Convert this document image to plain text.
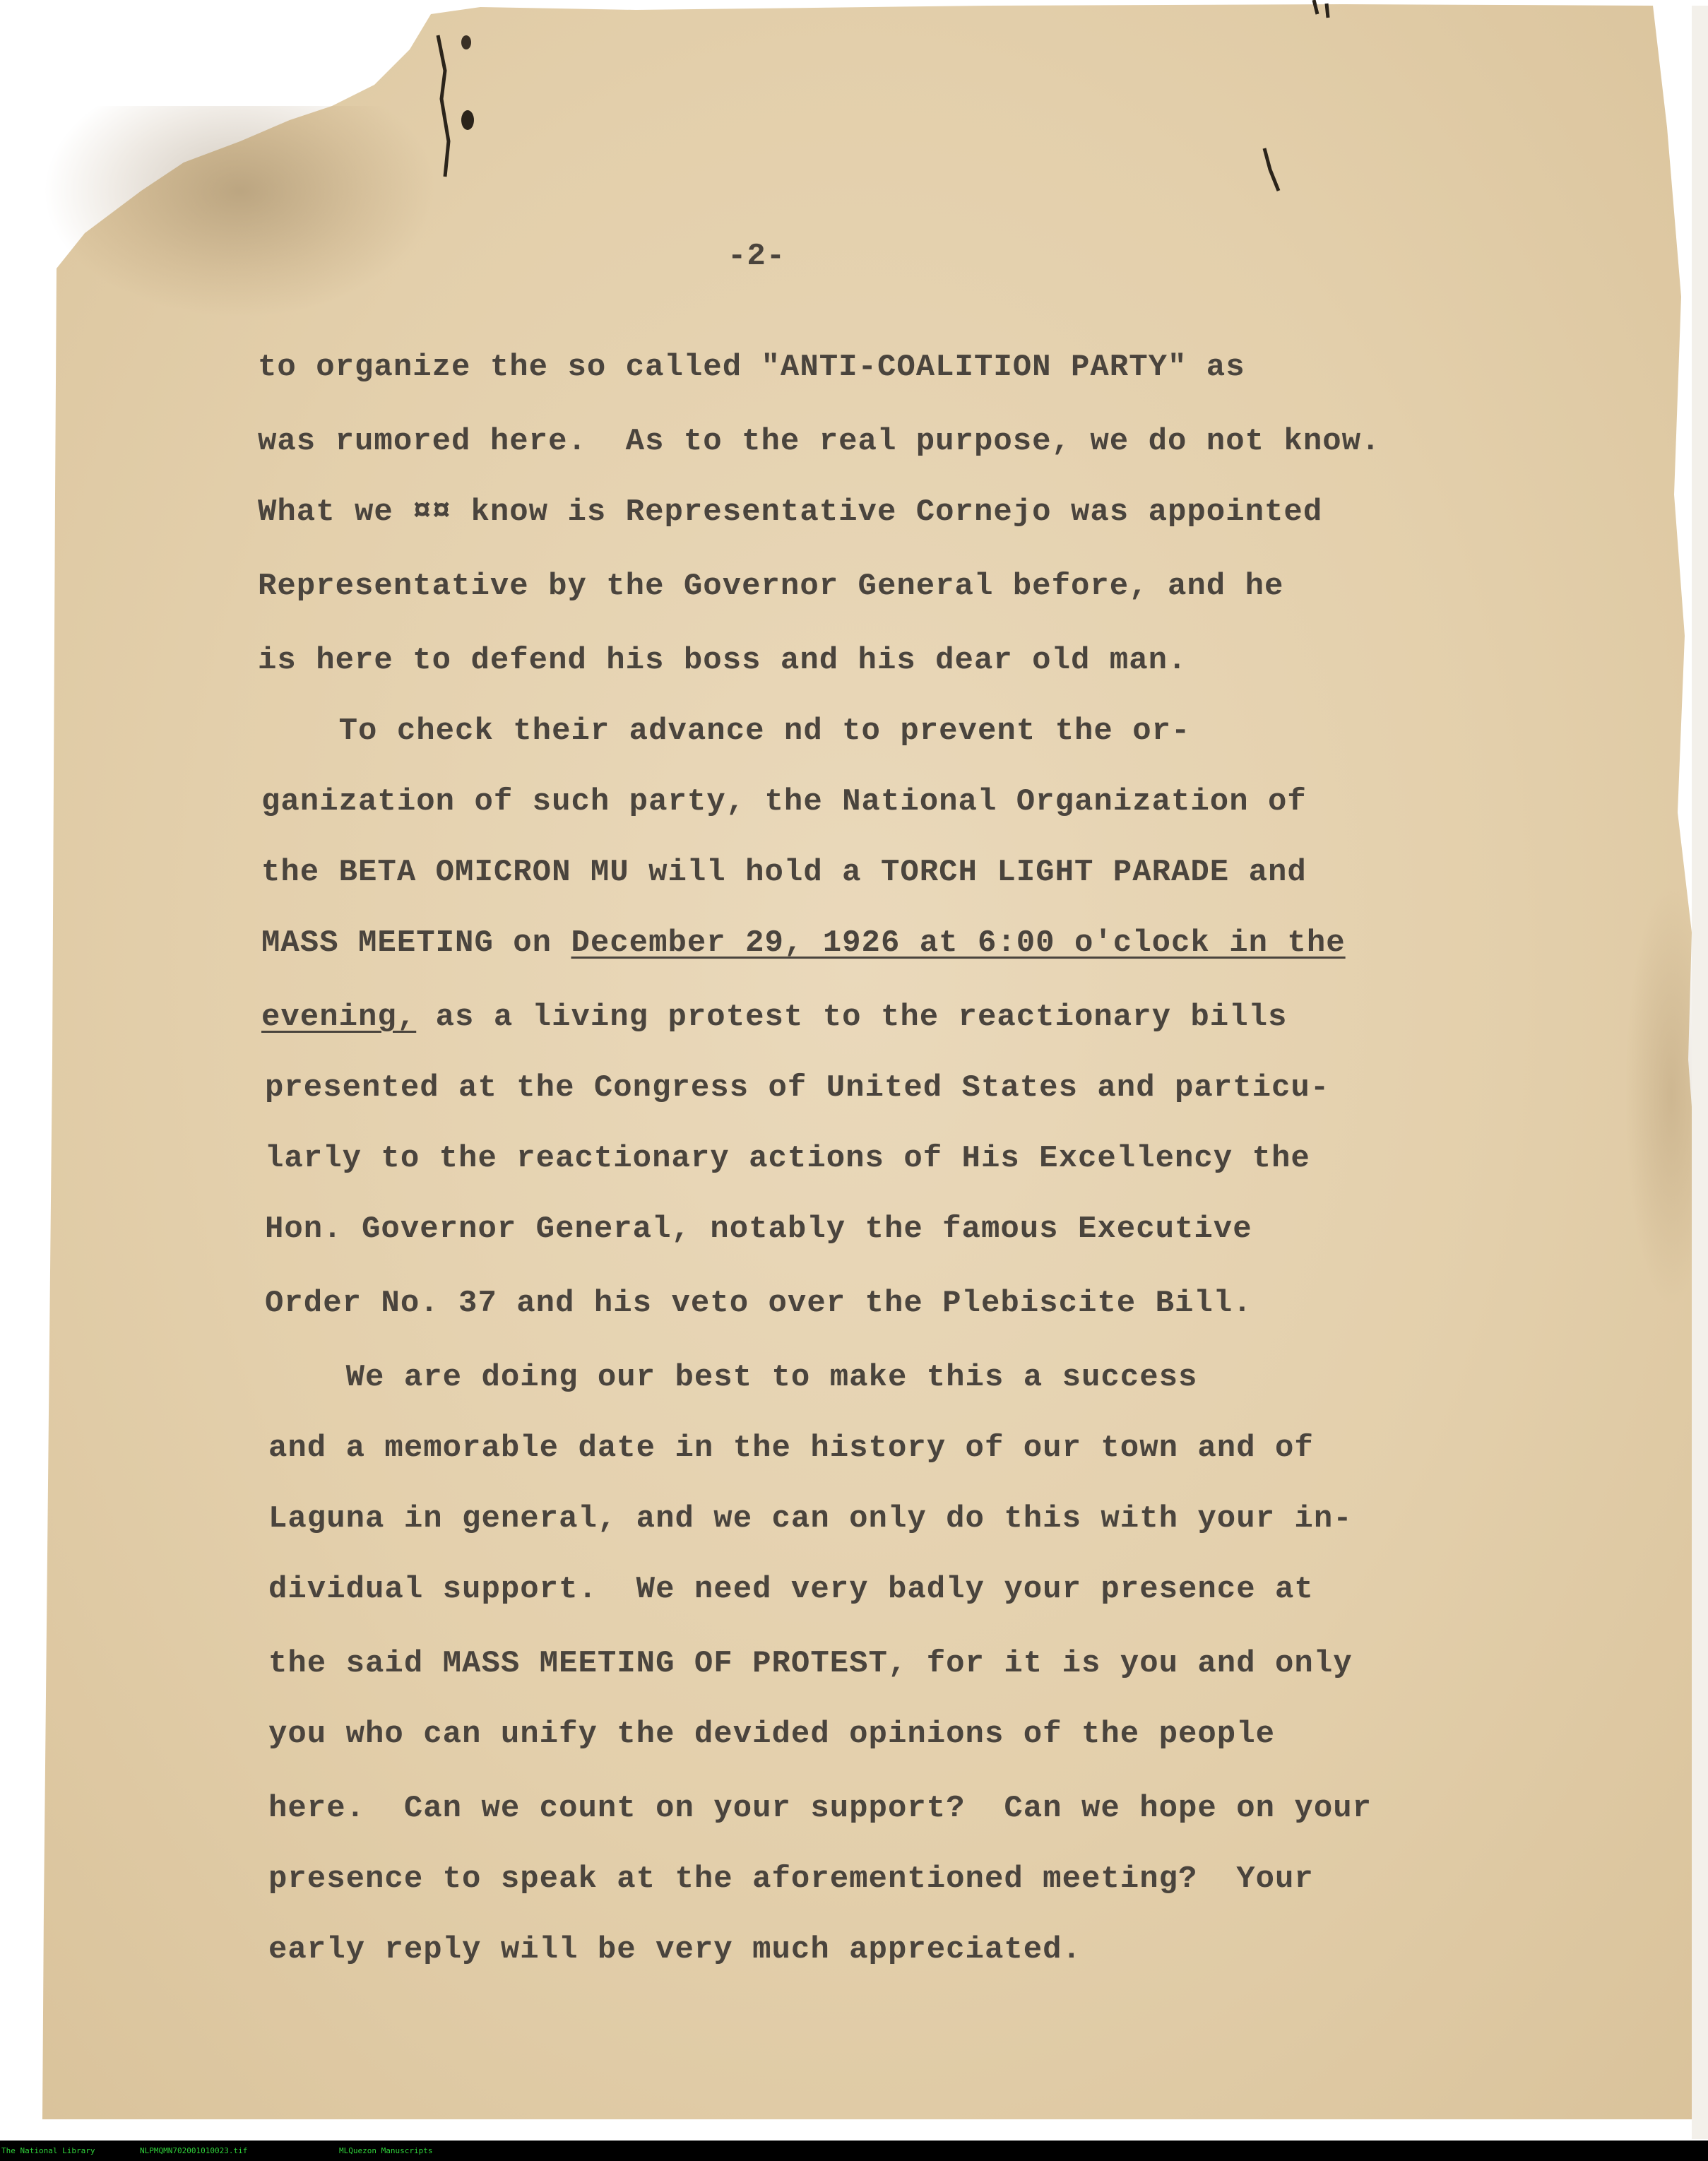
-2-
to organize the so called "ANTI-COALITION PARTY" as
was rumored here.  As to the real purpose, we do not know.
What we ¤¤ know is Representative Cornejo was appointed
Representative by the Governor General before, and he
is here to defend his boss and his dear old man.
To check their advance nd to prevent the or-
ganization of such party, the National Organization of
the BETA OMICRON MU will hold a TORCH LIGHT PARADE and
MASS MEETING on December 29, 1926 at 6:00 o'clock in the
evening, as a living protest to the reactionary bills
presented at the Congress of United States and particu-
larly to the reactionary actions of His Excellency the
Hon. Governor General, notably the famous Executive
Order No. 37 and his veto over the Plebiscite Bill.
We are doing our best to make this a success
and a memorable date in the history of our town and of
Laguna in general, and we can only do this with your in-
dividual support.  We need very badly your presence at
the said MASS MEETING OF PROTEST, for it is you and only
you who can unify the devided opinions of the people
here.  Can we count on your support?  Can we hope on your
presence to speak at the aforementioned meeting?  Your
early reply will be very much appreciated.
The National Library	NLPMQMN702001010023.tif	MLQuezon Manuscripts
